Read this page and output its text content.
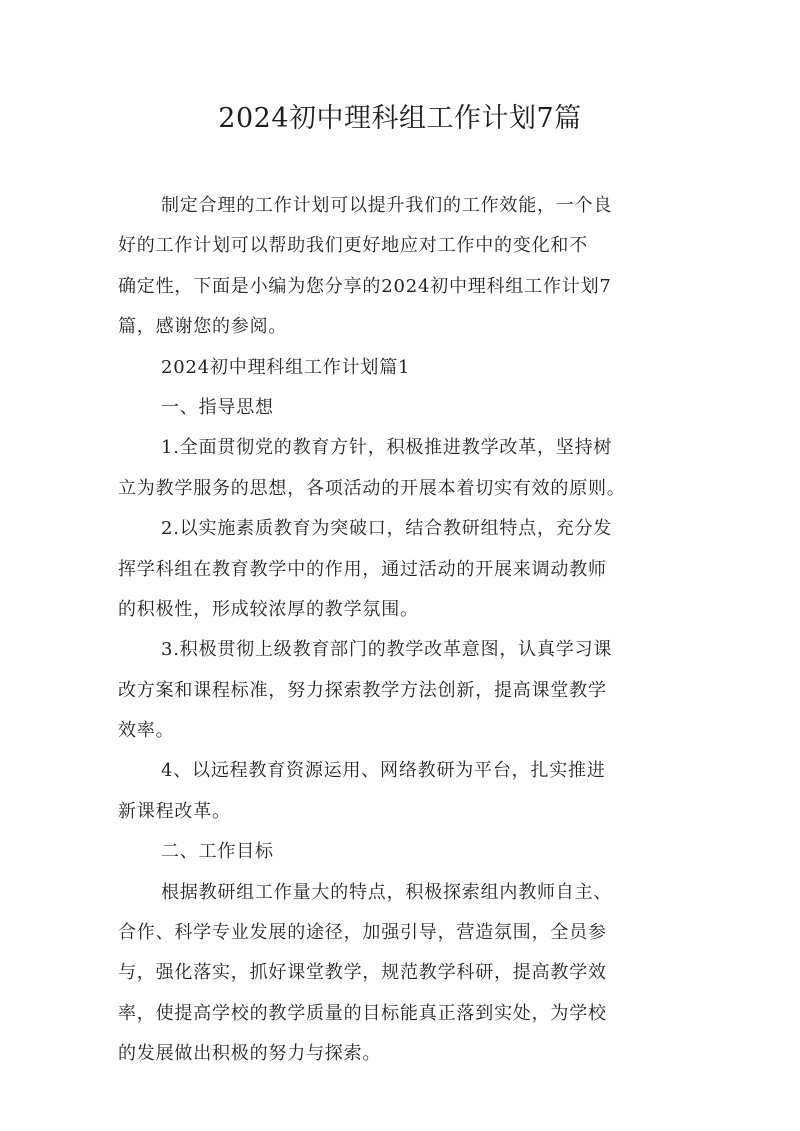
2024初中理科组工作计划7篇
制定合理的工作计划可以提升我们的工作效能，一个良
好的工作计划可以帮助我们更好地应对工作中的变化和不
确定性，下面是小编为您分享的2024初中理科组工作计划7
篇，感谢您的参阅。
2024初中理科组工作计划篇1
一、指导思想
1.全面贯彻党的教育方针，积极推进教学改革，坚持树
立为教学服务的思想，各项活动的开展本着切实有效的原则。
2.以实施素质教育为突破口，结合教研组特点，充分发
挥学科组在教育教学中的作用，通过活动的开展来调动教师
的积极性，形成较浓厚的教学氛围。
3.积极贯彻上级教育部门的教学改革意图，认真学习课
改方案和课程标准，努力探索教学方法创新，提高课堂教学
效率。
4、以远程教育资源运用、网络教研为平台，扎实推进
新课程改革。
二、工作目标
根据教研组工作量大的特点，积极探索组内教师自主、
合作、科学专业发展的途径，加强引导，营造氛围，全员参
与，强化落实，抓好课堂教学，规范教学科研，提高教学效
率，使提高学校的教学质量的目标能真正落到实处，为学校
的发展做出积极的努力与探索。
